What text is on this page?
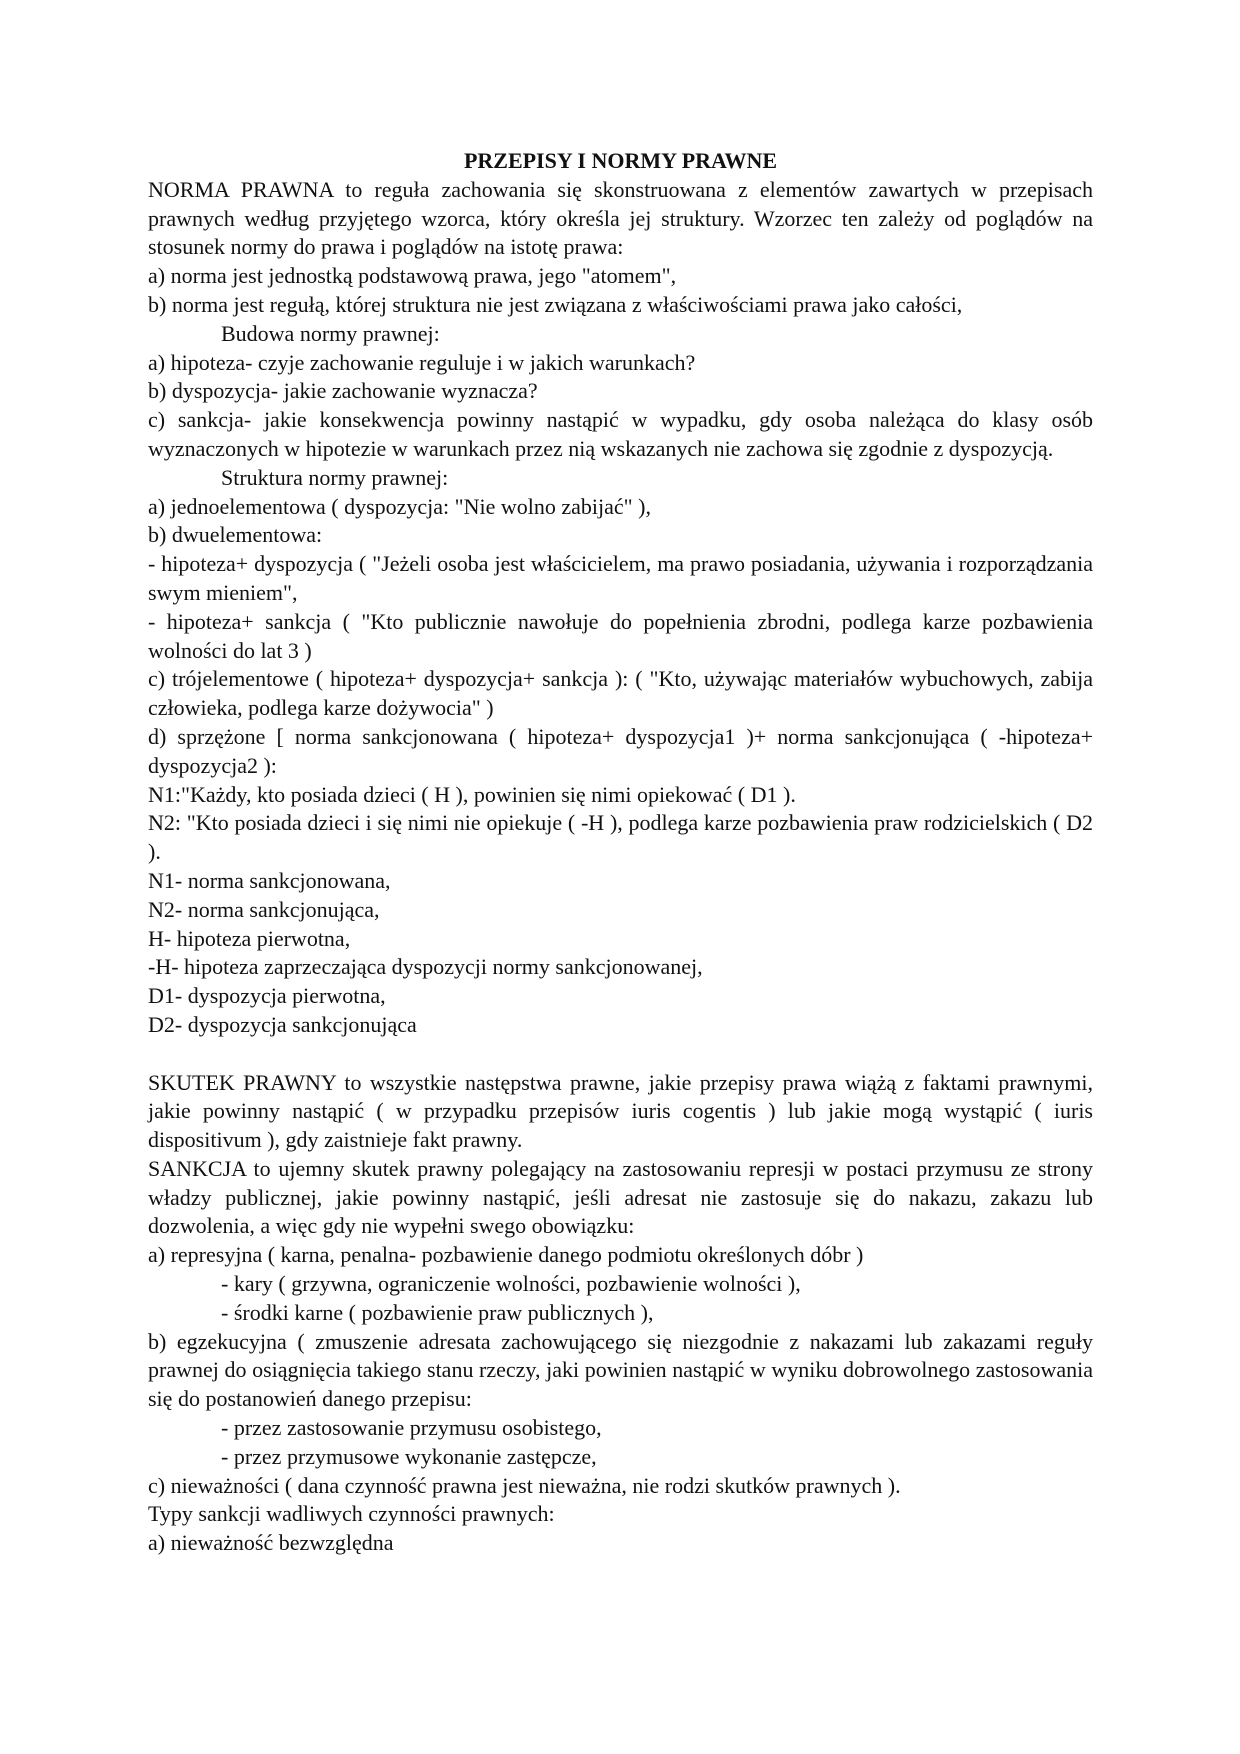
PRZEPISY I NORMY PRAWNE

NORMA PRAWNA to reguła zachowania się skonstruowana z elementów zawartych w przepisach prawnych według przyjętego wzorca, który określa jej struktury. Wzorzec ten zależy od poglądów na stosunek normy do prawa i poglądów na istotę prawa:

a) norma jest jednostką podstawową prawa, jego "atomem",

b) norma jest regułą, której struktura nie jest związana z właściwościami prawa jako całości,

Budowa normy prawnej:

a) hipoteza- czyje zachowanie reguluje i w jakich warunkach?

b) dyspozycja- jakie zachowanie wyznacza?

c) sankcja- jakie konsekwencja powinny nastąpić w wypadku, gdy osoba należąca do klasy osób wyznaczonych w hipotezie w warunkach przez nią wskazanych nie zachowa się zgodnie z dyspozycją.

Struktura normy prawnej:

a) jednoelementowa ( dyspozycja: "Nie wolno zabijać" ),

b) dwuelementowa:

- hipoteza+ dyspozycja ( "Jeżeli osoba jest właścicielem, ma prawo posiadania, używania i rozporządzania swym mieniem",

- hipoteza+ sankcja ( "Kto publicznie nawołuje do popełnienia zbrodni, podlega karze pozbawienia wolności do lat 3 )

c) trójelementowe ( hipoteza+ dyspozycja+ sankcja ): ( "Kto, używając materiałów wybuchowych, zabija człowieka, podlega karze dożywocia" )

d) sprzężone [ norma sankcjonowana ( hipoteza+ dyspozycja1 )+ norma sankcjonująca ( -hipoteza+ dyspozycja2 ):

N1:"Każdy, kto posiada dzieci ( H ), powinien się nimi opiekować ( D1 ).

N2: "Kto posiada dzieci i się nimi nie opiekuje ( -H ), podlega karze pozbawienia praw rodzicielskich ( D2 ).

N1- norma sankcjonowana,

N2- norma sankcjonująca,

H- hipoteza pierwotna,

-H- hipoteza zaprzeczająca dyspozycji normy sankcjonowanej,

D1- dyspozycja pierwotna,

D2- dyspozycja sankcjonująca

SKUTEK PRAWNY to wszystkie następstwa prawne, jakie przepisy prawa wiążą z faktami prawnymi, jakie powinny nastąpić ( w przypadku przepisów iuris cogentis ) lub jakie mogą wystąpić ( iuris dispositivum ), gdy zaistnieje fakt prawny.

SANKCJA to ujemny skutek prawny polegający na zastosowaniu represji w postaci przymusu ze strony władzy publicznej, jakie powinny nastąpić, jeśli adresat nie zastosuje się do nakazu, zakazu lub dozwolenia, a więc gdy nie wypełni swego obowiązku:

a) represyjna ( karna, penalna- pozbawienie danego podmiotu określonych dóbr )

- kary ( grzywna, ograniczenie wolności, pozbawienie wolności ),

- środki karne ( pozbawienie praw publicznych ),

b) egzekucyjna ( zmuszenie adresata zachowującego się niezgodnie z nakazami lub zakazami reguły prawnej do osiągnięcia takiego stanu rzeczy, jaki powinien nastąpić w wyniku dobrowolnego zastosowania się do postanowień danego przepisu:

- przez zastosowanie przymusu osobistego,

- przez przymusowe wykonanie zastępcze,

c) nieważności ( dana czynność prawna jest nieważna, nie rodzi skutków prawnych ).

Typy sankcji wadliwych czynności prawnych:

a) nieważność bezwzględna
